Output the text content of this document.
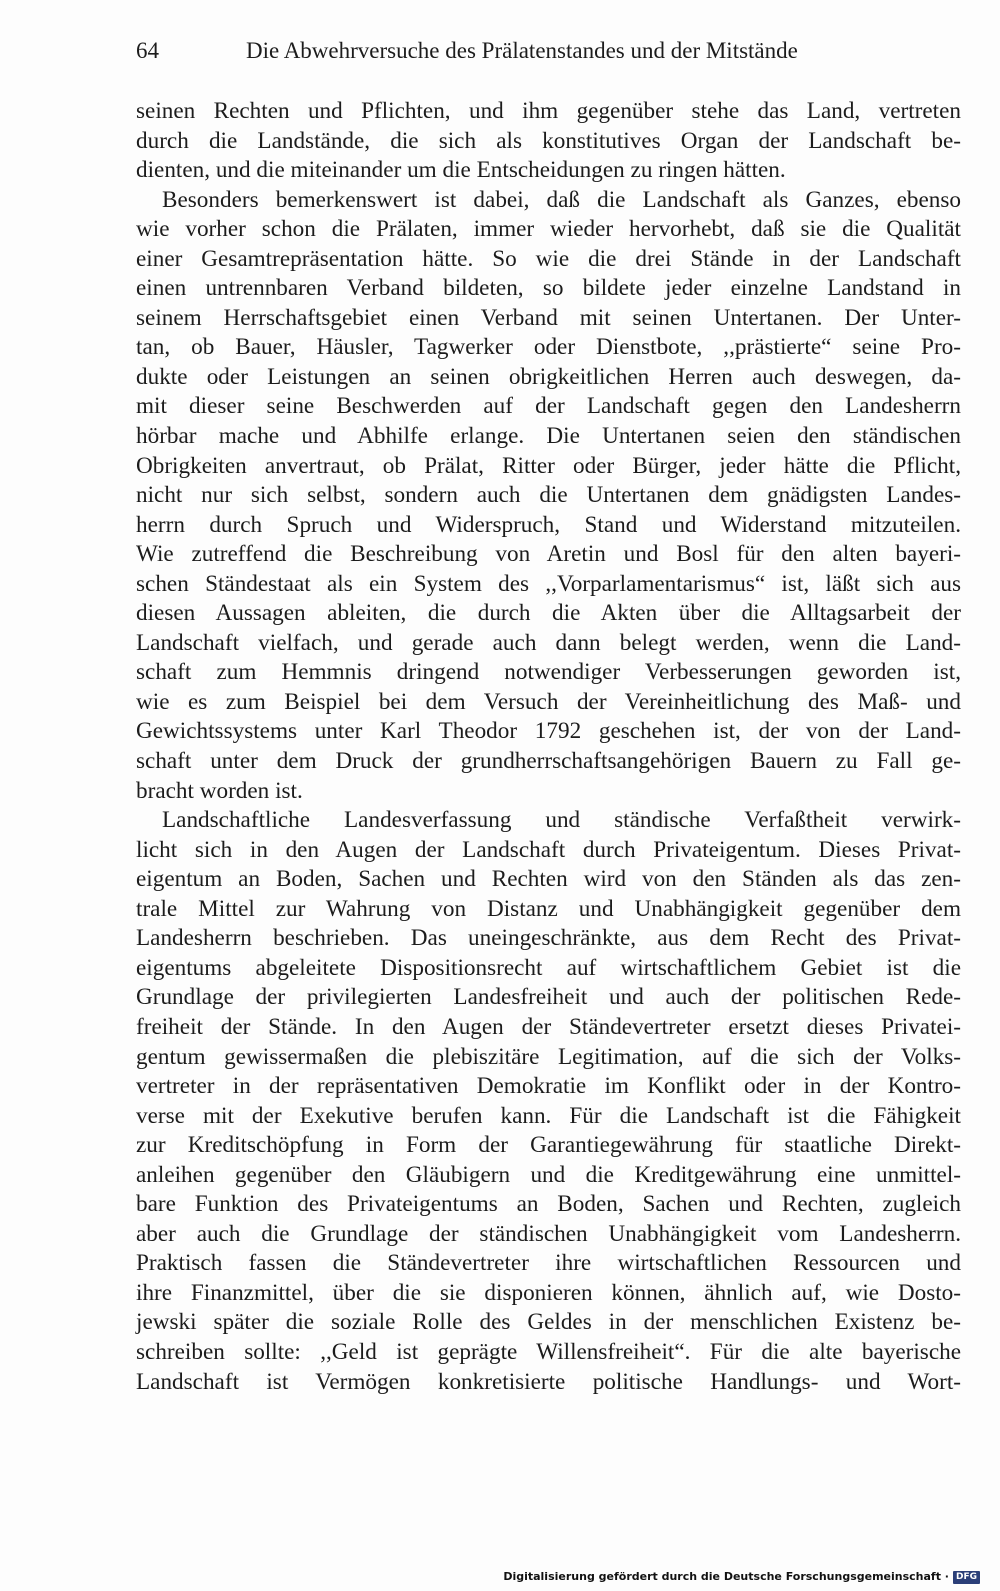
64	Die Abwehrversuche des Prälatenstandes und der Mitstände
seinen Rechten und Pflichten, und ihm gegenüber stehe das Land, vertreten
durch die Landstände, die sich als konstitutives Organ der Landschaft be-
dienten, und die miteinander um die Entscheidungen zu ringen hätten.
Besonders bemerkenswert ist dabei, daß die Landschaft als Ganzes, ebenso
wie vorher schon die Prälaten, immer wieder hervorhebt, daß sie die Qualität
einer Gesamtrepräsentation hätte. So wie die drei Stände in der Landschaft
einen untrennbaren Verband bildeten, so bildete jeder einzelne Landstand in
seinem Herrschaftsgebiet einen Verband mit seinen Untertanen. Der Unter-
tan, ob Bauer, Häusler, Tagwerker oder Dienstbote, ,,prästierte“ seine Pro-
dukte oder Leistungen an seinen obrigkeitlichen Herren auch deswegen, da-
mit dieser seine Beschwerden auf der Landschaft gegen den Landesherrn
hörbar mache und Abhilfe erlange. Die Untertanen seien den ständischen
Obrigkeiten anvertraut, ob Prälat, Ritter oder Bürger, jeder hätte die Pflicht,
nicht nur sich selbst, sondern auch die Untertanen dem gnädigsten Landes-
herrn durch Spruch und Widerspruch, Stand und Widerstand mitzuteilen.
Wie zutreffend die Beschreibung von Aretin und Bosl für den alten bayeri-
schen Ständestaat als ein System des ,,Vorparlamentarismus“ ist, läßt sich aus
diesen Aussagen ableiten, die durch die Akten über die Alltagsarbeit der
Landschaft vielfach, und gerade auch dann belegt werden, wenn die Land-
schaft zum Hemmnis dringend notwendiger Verbesserungen geworden ist,
wie es zum Beispiel bei dem Versuch der Vereinheitlichung des Maß- und
Gewichtssystems unter Karl Theodor 1792 geschehen ist, der von der Land-
schaft unter dem Druck der grundherrschaftsangehörigen Bauern zu Fall ge-
bracht worden ist.
Landschaftliche Landesverfassung und ständische Verfaßtheit verwirk-
licht sich in den Augen der Landschaft durch Privateigentum. Dieses Privat-
eigentum an Boden, Sachen und Rechten wird von den Ständen als das zen-
trale Mittel zur Wahrung von Distanz und Unabhängigkeit gegenüber dem
Landesherrn beschrieben. Das uneingeschränkte, aus dem Recht des Privat-
eigentums abgeleitete Dispositionsrecht auf wirtschaftlichem Gebiet ist die
Grundlage der privilegierten Landesfreiheit und auch der politischen Rede-
freiheit der Stände. In den Augen der Ständevertreter ersetzt dieses Privatei-
gentum gewissermaßen die plebiszitäre Legitimation, auf die sich der Volks-
vertreter in der repräsentativen Demokratie im Konflikt oder in der Kontro-
verse mit der Exekutive berufen kann. Für die Landschaft ist die Fähigkeit
zur Kreditschöpfung in Form der Garantiegewährung für staatliche Direkt-
anleihen gegenüber den Gläubigern und die Kreditgewährung eine unmittel-
bare Funktion des Privateigentums an Boden, Sachen und Rechten, zugleich
aber auch die Grundlage der ständischen Unabhängigkeit vom Landesherrn.
Praktisch fassen die Ständevertreter ihre wirtschaftlichen Ressourcen und
ihre Finanzmittel, über die sie disponieren können, ähnlich auf, wie Dosto-
jewski später die soziale Rolle des Geldes in der menschlichen Existenz be-
schreiben sollte: ,,Geld ist geprägte Willensfreiheit“. Für die alte bayerische
Landschaft ist Vermögen konkretisierte politische Handlungs- und Wort-
Digitalisierung gefördert durch die Deutsche Forschungsgemeinschaft · DFG
